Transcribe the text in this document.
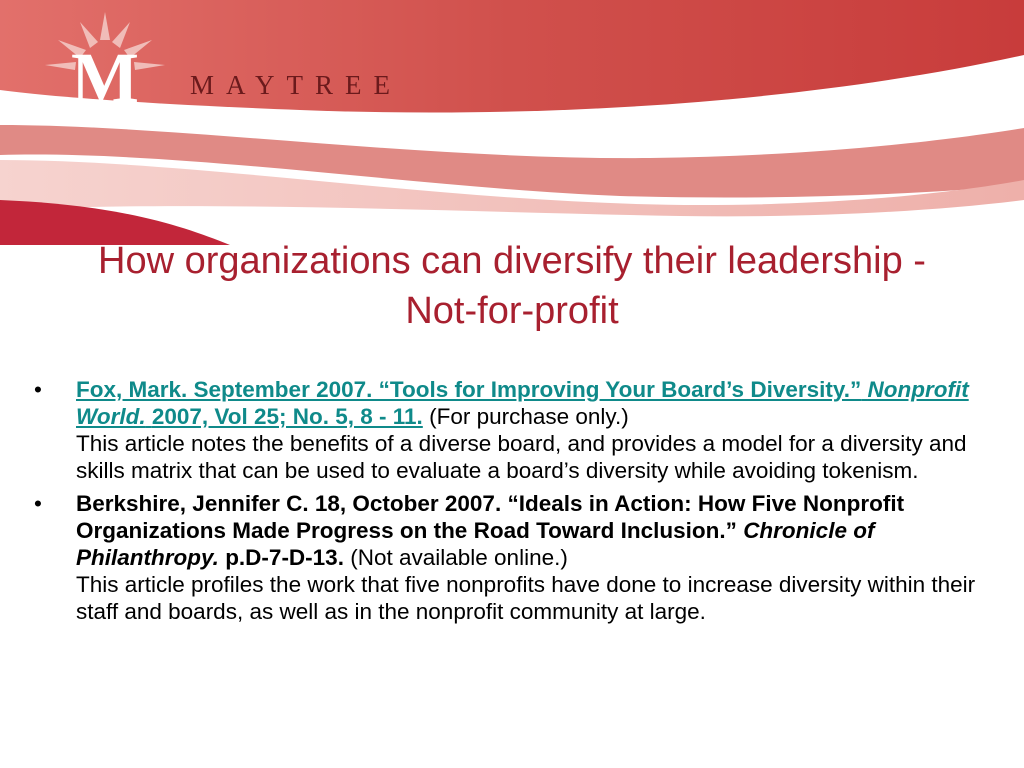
M MAYTREE
How organizations can diversify their leadership - Not-for-profit
• Fox, Mark. September 2007. “Tools for Improving Your Board’s Diversity.” Nonprofit World. 2007, Vol 25; No. 5, 8 - 11. (For purchase only.)
This article notes the benefits of a diverse board, and provides a model for a diversity and skills matrix that can be used to evaluate a board’s diversity while avoiding tokenism.
• Berkshire, Jennifer C. 18, October 2007. “Ideals in Action: How Five Nonprofit Organizations Made Progress on the Road Toward Inclusion.” Chronicle of Philanthropy. p.D-7-D-13. (Not available online.)
This article profiles the work that five nonprofits have done to increase diversity within their staff and boards, as well as in the nonprofit community at large.
